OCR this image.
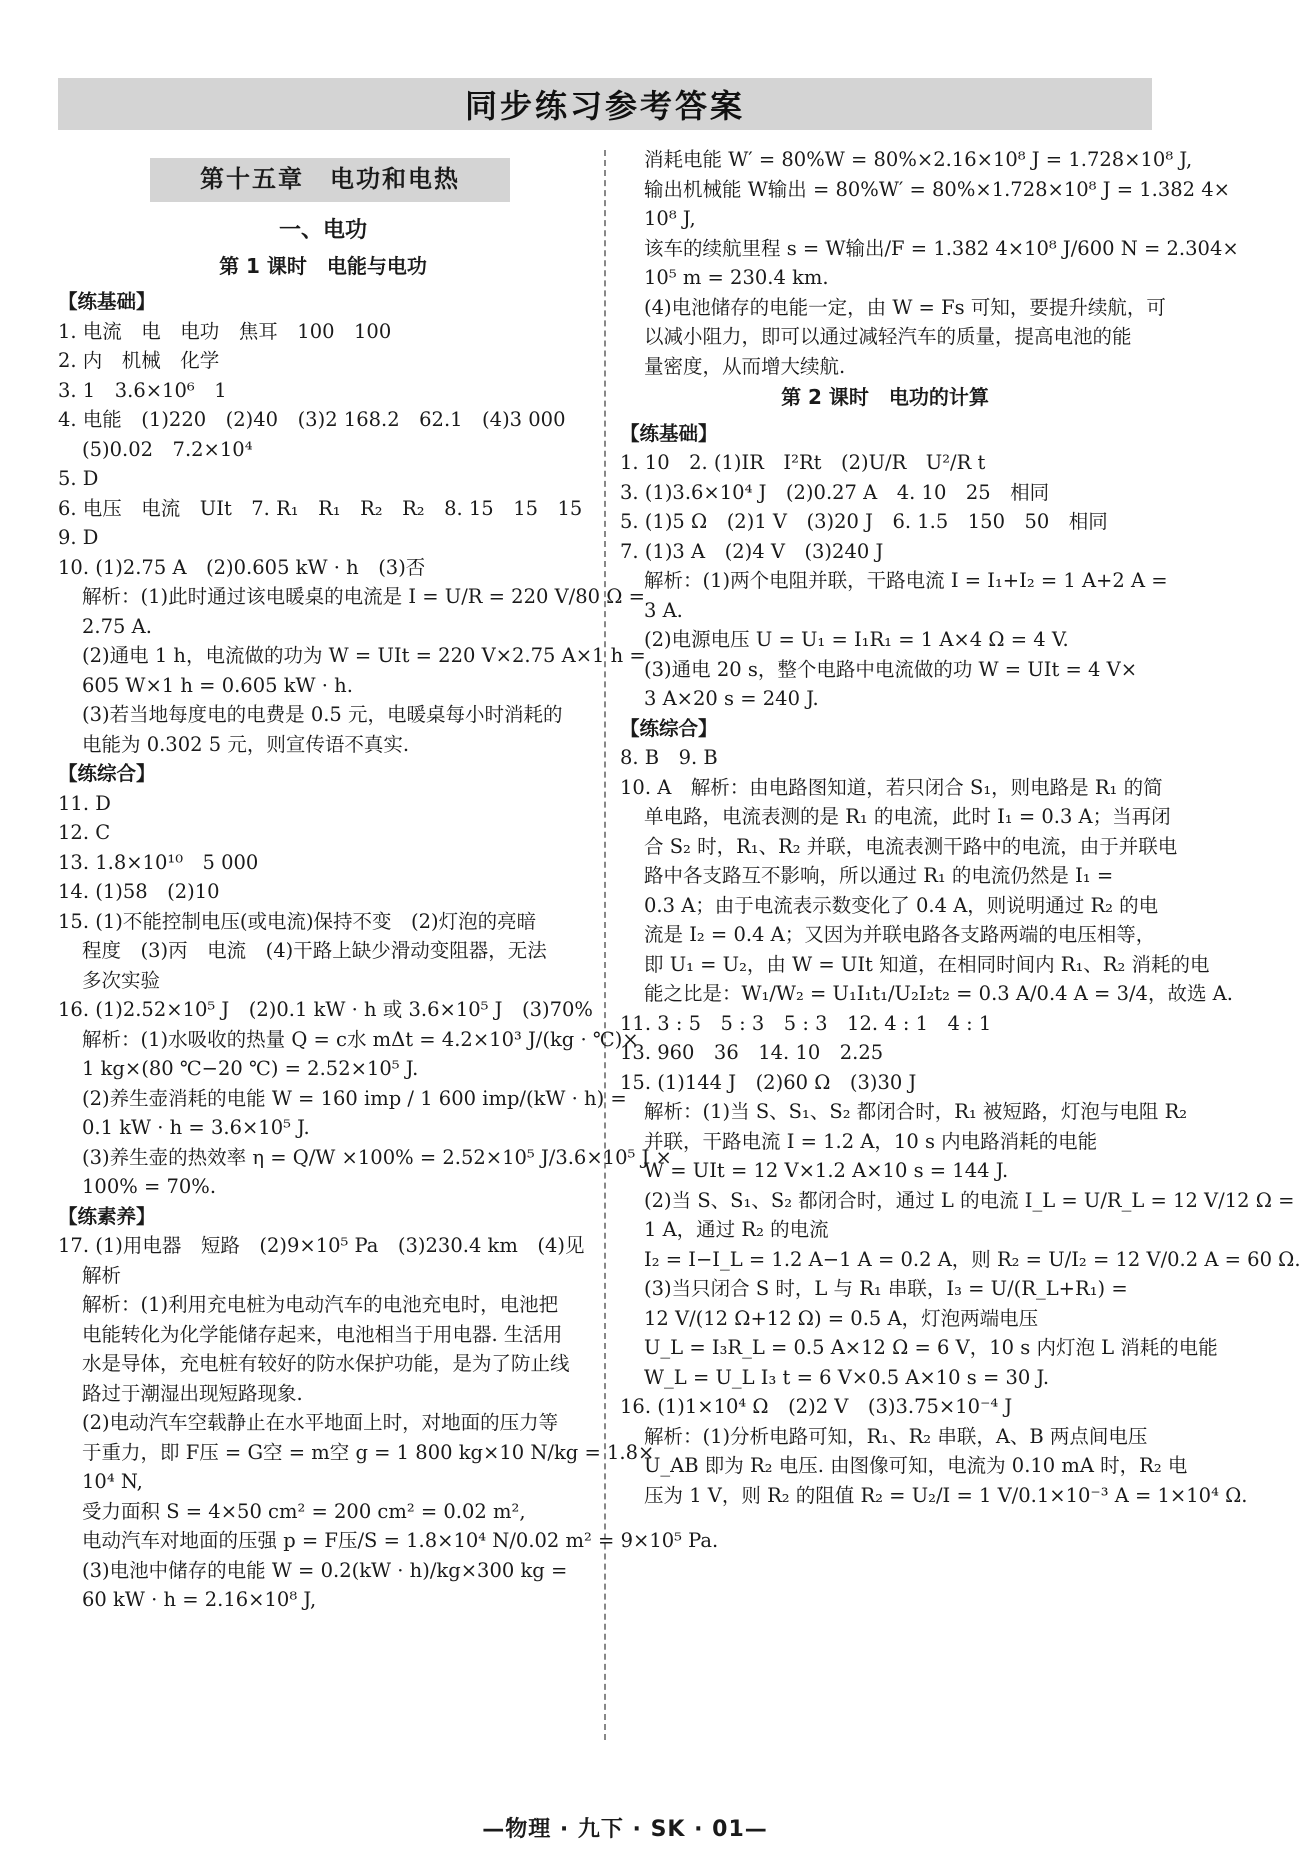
同步练习参考答案
第十五章　电功和电热
一、电功
第 1 课时　电能与电功
【练基础】
1. 电流　电　电功　焦耳　100　100
2. 内　机械　化学
3. 1　3.6×10⁶　1
4. 电能　(1)220　(2)40　(3)2 168.2　62.1　(4)3 000
(5)0.02　7.2×10⁴
5. D
6. 电压　电流　UIt　7. R₁　R₁　R₂　R₂　8. 15　15　15
9. D
10. (1)2.75 A　(2)0.605 kW · h　(3)否
解析：(1)此时通过该电暖桌的电流是 I = U/R = 220 V/80 Ω =
2.75 A.
(2)通电 1 h，电流做的功为 W = UIt = 220 V×2.75 A×1 h =
605 W×1 h = 0.605 kW · h.
(3)若当地每度电的电费是 0.5 元，电暖桌每小时消耗的
电能为 0.302 5 元，则宣传语不真实.
【练综合】
11. D
12. C
13. 1.8×10¹⁰　5 000
14. (1)58　(2)10
15. (1)不能控制电压(或电流)保持不变　(2)灯泡的亮暗
程度　(3)丙　电流　(4)干路上缺少滑动变阻器，无法
多次实验
16. (1)2.52×10⁵ J　(2)0.1 kW · h 或 3.6×10⁵ J　(3)70%
解析：(1)水吸收的热量 Q = c水 mΔt = 4.2×10³ J/(kg · ℃)×
1 kg×(80 ℃−20 ℃) = 2.52×10⁵ J.
(2)养生壶消耗的电能 W = 160 imp / 1 600 imp/(kW · h) =
0.1 kW · h = 3.6×10⁵ J.
(3)养生壶的热效率 η = Q/W ×100% = 2.52×10⁵ J/3.6×10⁵ J ×
100% = 70%.
【练素养】
17. (1)用电器　短路　(2)9×10⁵ Pa　(3)230.4 km　(4)见
解析
解析：(1)利用充电桩为电动汽车的电池充电时，电池把
电能转化为化学能储存起来，电池相当于用电器. 生活用
水是导体，充电桩有较好的防水保护功能，是为了防止线
路过于潮湿出现短路现象.
(2)电动汽车空载静止在水平地面上时，对地面的压力等
于重力，即 F压 = G空 = m空 g = 1 800 kg×10 N/kg = 1.8×
10⁴ N,
受力面积 S = 4×50 cm² = 200 cm² = 0.02 m²,
电动汽车对地面的压强 p = F压/S = 1.8×10⁴ N/0.02 m² = 9×10⁵ Pa.
(3)电池中储存的电能 W = 0.2(kW · h)/kg×300 kg =
60 kW · h = 2.16×10⁸ J,
消耗电能 W′ = 80%W = 80%×2.16×10⁸ J = 1.728×10⁸ J,
输出机械能 W输出 = 80%W′ = 80%×1.728×10⁸ J = 1.382 4×
10⁸ J,
该车的续航里程 s = W输出/F = 1.382 4×10⁸ J/600 N = 2.304×
10⁵ m = 230.4 km.
(4)电池储存的电能一定，由 W = Fs 可知，要提升续航，可
以减小阻力，即可以通过减轻汽车的质量，提高电池的能
量密度，从而增大续航.
第 2 课时　电功的计算
【练基础】
1. 10　2. (1)IR　I²Rt　(2)U/R　U²/R t
3. (1)3.6×10⁴ J　(2)0.27 A　4. 10　25　相同
5. (1)5 Ω　(2)1 V　(3)20 J　6. 1.5　150　50　相同
7. (1)3 A　(2)4 V　(3)240 J
解析：(1)两个电阻并联，干路电流 I = I₁+I₂ = 1 A+2 A =
3 A.
(2)电源电压 U = U₁ = I₁R₁ = 1 A×4 Ω = 4 V.
(3)通电 20 s，整个电路中电流做的功 W = UIt = 4 V×
3 A×20 s = 240 J.
【练综合】
8. B　9. B
10. A　解析：由电路图知道，若只闭合 S₁，则电路是 R₁ 的简
单电路，电流表测的是 R₁ 的电流，此时 I₁ = 0.3 A；当再闭
合 S₂ 时，R₁、R₂ 并联，电流表测干路中的电流，由于并联电
路中各支路互不影响，所以通过 R₁ 的电流仍然是 I₁ =
0.3 A；由于电流表示数变化了 0.4 A，则说明通过 R₂ 的电
流是 I₂ = 0.4 A；又因为并联电路各支路两端的电压相等，
即 U₁ = U₂，由 W = UIt 知道，在相同时间内 R₁、R₂ 消耗的电
能之比是：W₁/W₂ = U₁I₁t₁/U₂I₂t₂ = 0.3 A/0.4 A = 3/4，故选 A.
11. 3 : 5　5 : 3　5 : 3　12. 4 : 1　4 : 1
13. 960　36　14. 10　2.25
15. (1)144 J　(2)60 Ω　(3)30 J
解析：(1)当 S、S₁、S₂ 都闭合时，R₁ 被短路，灯泡与电阻 R₂
并联，干路电流 I = 1.2 A，10 s 内电路消耗的电能
W = UIt = 12 V×1.2 A×10 s = 144 J.
(2)当 S、S₁、S₂ 都闭合时，通过 L 的电流 I_L = U/R_L = 12 V/12 Ω =
1 A，通过 R₂ 的电流
I₂ = I−I_L = 1.2 A−1 A = 0.2 A，则 R₂ = U/I₂ = 12 V/0.2 A = 60 Ω.
(3)当只闭合 S 时，L 与 R₁ 串联，I₃ = U/(R_L+R₁) =
12 V/(12 Ω+12 Ω) = 0.5 A，灯泡两端电压
U_L = I₃R_L = 0.5 A×12 Ω = 6 V，10 s 内灯泡 L 消耗的电能
W_L = U_L I₃ t = 6 V×0.5 A×10 s = 30 J.
16. (1)1×10⁴ Ω　(2)2 V　(3)3.75×10⁻⁴ J
解析：(1)分析电路可知，R₁、R₂ 串联，A、B 两点间电压
U_AB 即为 R₂ 电压. 由图像可知，电流为 0.10 mA 时，R₂ 电
压为 1 V，则 R₂ 的阻值 R₂ = U₂/I = 1 V/0.1×10⁻³ A = 1×10⁴ Ω.
—物理 · 九下 · SK · 01—
